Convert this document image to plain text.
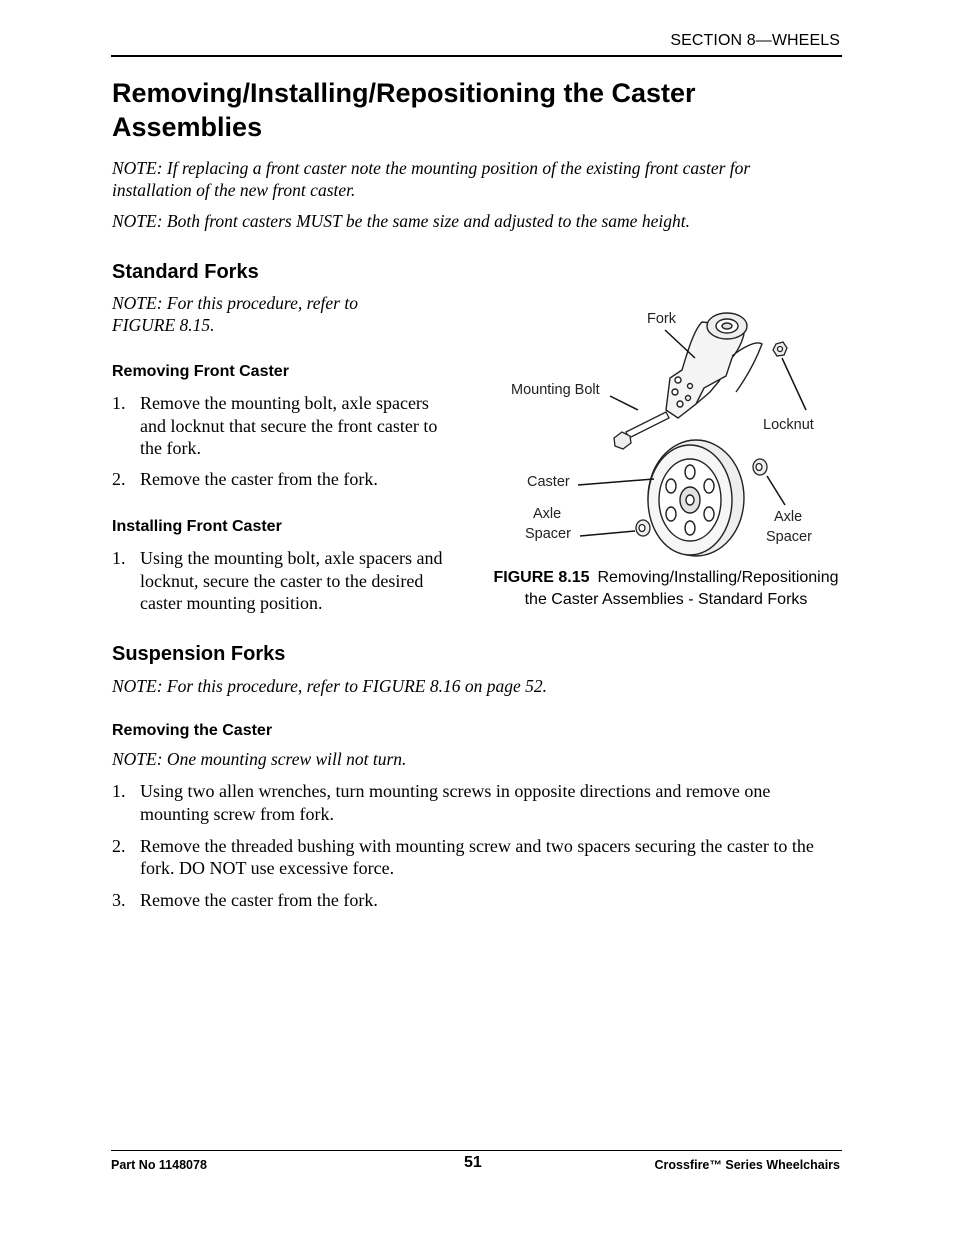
SECTION 8—WHEELS
Removing/Installing/Repositioning the Caster Assemblies

NOTE: If replacing a front caster note the mounting position of the existing front caster for installation of the new front caster.

NOTE: Both front casters MUST be the same size and adjusted to the same height.

Standard Forks

NOTE: For this procedure, refer to FIGURE 8.15.

Removing Front Caster
1. Remove the mounting bolt, axle spacers and locknut that secure the front caster to the fork.
2. Remove the caster from the fork.
Installing Front Caster
1. Using the mounting bolt, axle spacers and locknut, secure the caster to the desired caster mounting position.
Fork
Mounting Bolt
Locknut
Caster
Axle
Spacer
Axle
Spacer
FIGURE 8.15 Removing/Installing/Repositioning the Caster Assemblies - Standard Forks
Suspension Forks

NOTE: For this procedure, refer to FIGURE 8.16 on page 52.

Removing the Caster

NOTE: One mounting screw will not turn.

1. Using two allen wrenches, turn mounting screws in opposite directions and remove one mounting screw from fork.
2. Remove the threaded bushing with mounting screw and two spacers securing the caster to the fork. DO NOT use excessive force.
3. Remove the caster from the fork.
Part No 1148078	51	Crossfire™ Series Wheelchairs
